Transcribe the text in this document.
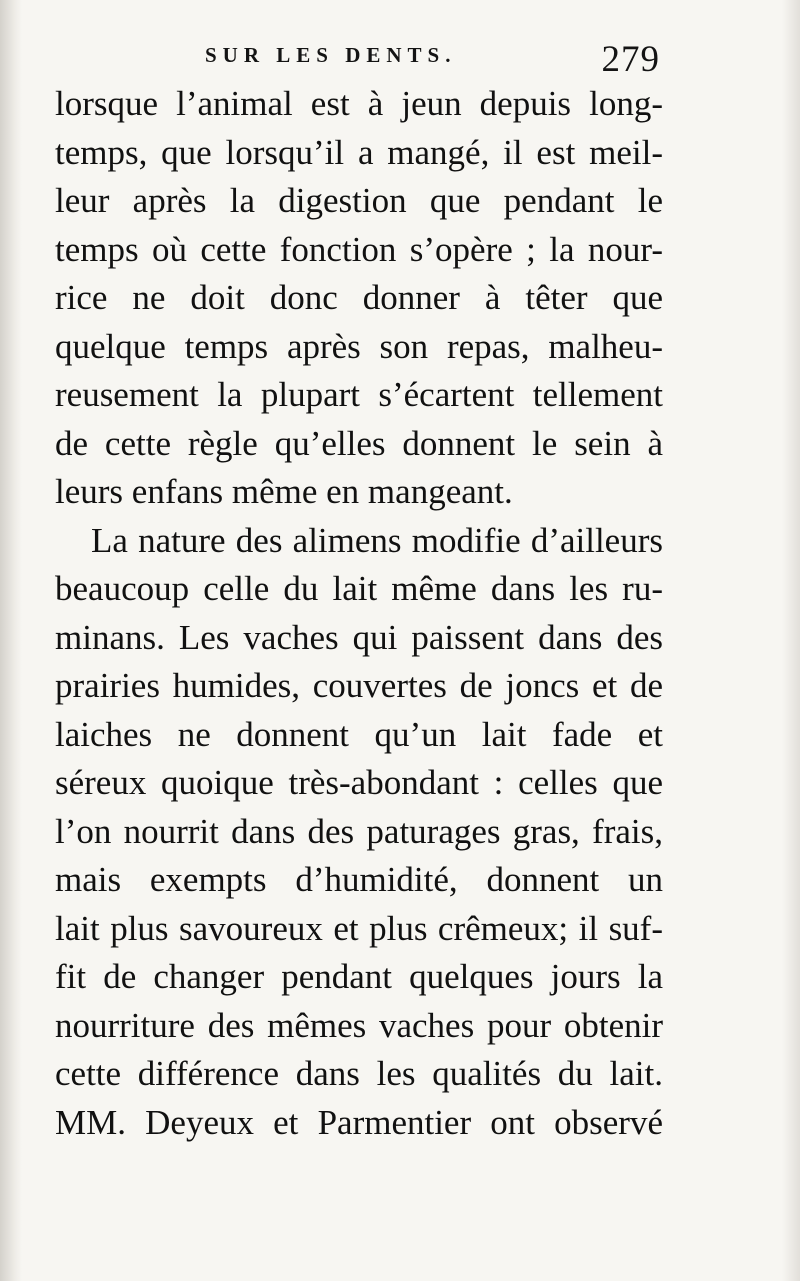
SUR LES DENTS.	279
lorsque l’animal est à jeun depuis long-
temps, que lorsqu’il a mangé, il est meil-
leur après la digestion que pendant le
temps où cette fonction s’opère ; la nour-
rice ne doit donc donner à têter que
quelque temps après son repas, malheu-
reusement la plupart s’écartent tellement
de cette règle qu’elles donnent le sein à
leurs enfans même en mangeant.
La nature des alimens modifie d’ailleurs
beaucoup celle du lait même dans les ru-
minans. Les vaches qui paissent dans des
prairies humides, couvertes de joncs et de
laiches ne donnent qu’un lait fade et
séreux quoique très-abondant : celles que
l’on nourrit dans des paturages gras, frais,
mais exempts d’humidité, donnent un
lait plus savoureux et plus crêmeux; il suf-
fit de changer pendant quelques jours la
nourriture des mêmes vaches pour obtenir
cette différence dans les qualités du lait.
MM. Deyeux et Parmentier ont observé
